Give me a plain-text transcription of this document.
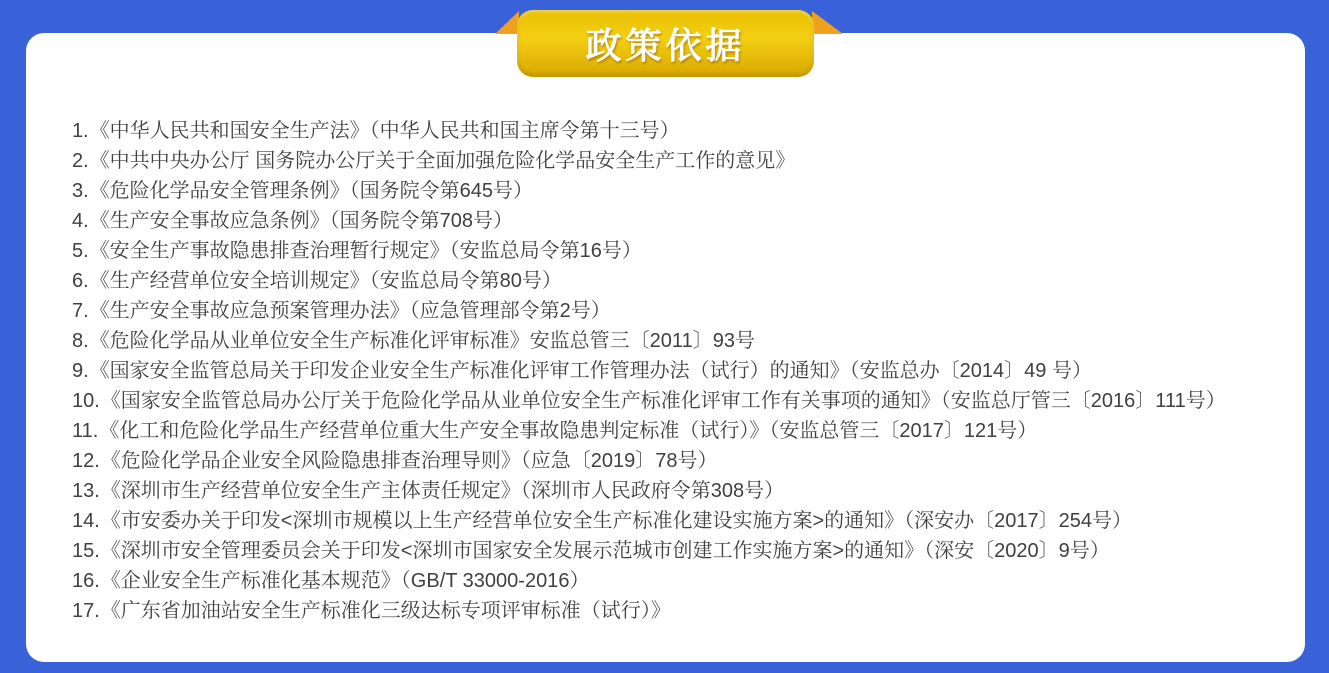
政策依据
1.《中华人民共和国安全生产法》（中华人民共和国主席令第十三号）
2.《中共中央办公厅 国务院办公厅关于全面加强危险化学品安全生产工作的意见》
3.《危险化学品安全管理条例》（国务院令第645号）
4.《生产安全事故应急条例》（国务院令第708号）
5.《安全生产事故隐患排查治理暂行规定》（安监总局令第16号）
6.《生产经营单位安全培训规定》（安监总局令第80号）
7.《生产安全事故应急预案管理办法》（应急管理部令第2号）
8.《危险化学品从业单位安全生产标准化评审标准》安监总管三〔2011〕93号
9.《国家安全监管总局关于印发企业安全生产标准化评审工作管理办法（试行）的通知》（安监总办〔2014〕49 号）
10.《国家安全监管总局办公厅关于危险化学品从业单位安全生产标准化评审工作有关事项的通知》（安监总厅管三〔2016〕111号）
11.《化工和危险化学品生产经营单位重大生产安全事故隐患判定标准（试行）》（安监总管三〔2017〕121号）
12.《危险化学品企业安全风险隐患排查治理导则》（应急〔2019〕78号）
13.《深圳市生产经营单位安全生产主体责任规定》（深圳市人民政府令第308号）
14.《市安委办关于印发<深圳市规模以上生产经营单位安全生产标准化建设实施方案>的通知》（深安办〔2017〕254号）
15.《深圳市安全管理委员会关于印发<深圳市国家安全发展示范城市创建工作实施方案>的通知》（深安〔2020〕9号）
16.《企业安全生产标准化基本规范》（GB/T 33000-2016）
17.《广东省加油站安全生产标准化三级达标专项评审标准（试行）》
